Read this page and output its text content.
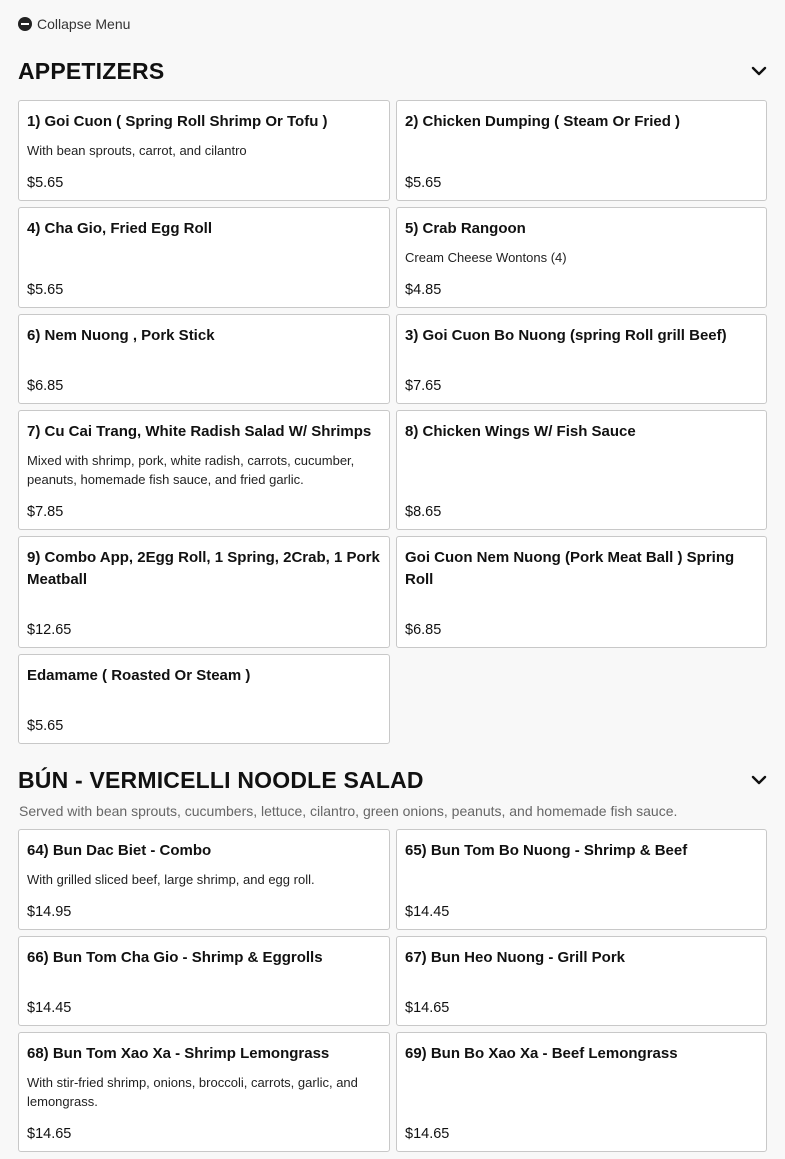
Collapse Menu
APPETIZERS
1) Goi Cuon ( Spring Roll Shrimp Or Tofu )
With bean sprouts, carrot, and cilantro
$5.65
2) Chicken Dumping ( Steam Or Fried )
$5.65
4) Cha Gio, Fried Egg Roll
$5.65
5) Crab Rangoon
Cream Cheese Wontons (4)
$4.85
6) Nem Nuong , Pork Stick
$6.85
3) Goi Cuon Bo Nuong (spring Roll grill Beef)
$7.65
7) Cu Cai Trang, White Radish Salad W/ Shrimps
Mixed with shrimp, pork, white radish, carrots, cucumber, peanuts, homemade fish sauce, and fried garlic.
$7.85
8) Chicken Wings W/ Fish Sauce
$8.65
9) Combo App, 2Egg Roll, 1 Spring, 2Crab, 1 Pork Meatball
$12.65
Goi Cuon Nem Nuong (Pork Meat Ball ) Spring Roll
$6.85
Edamame ( Roasted Or Steam )
$5.65
BÚN - VERMICELLI NOODLE SALAD
Served with bean sprouts, cucumbers, lettuce, cilantro, green onions, peanuts, and homemade fish sauce.
64) Bun Dac Biet - Combo
With grilled sliced beef, large shrimp, and egg roll.
$14.95
65) Bun Tom Bo Nuong - Shrimp & Beef
$14.45
66) Bun Tom Cha Gio - Shrimp & Eggrolls
$14.45
67) Bun Heo Nuong - Grill Pork
$14.65
68) Bun Tom Xao Xa - Shrimp Lemongrass
With stir-fried shrimp, onions, broccoli, carrots, garlic, and lemongrass.
$14.65
69) Bun Bo Xao Xa - Beef Lemongrass
$14.65
